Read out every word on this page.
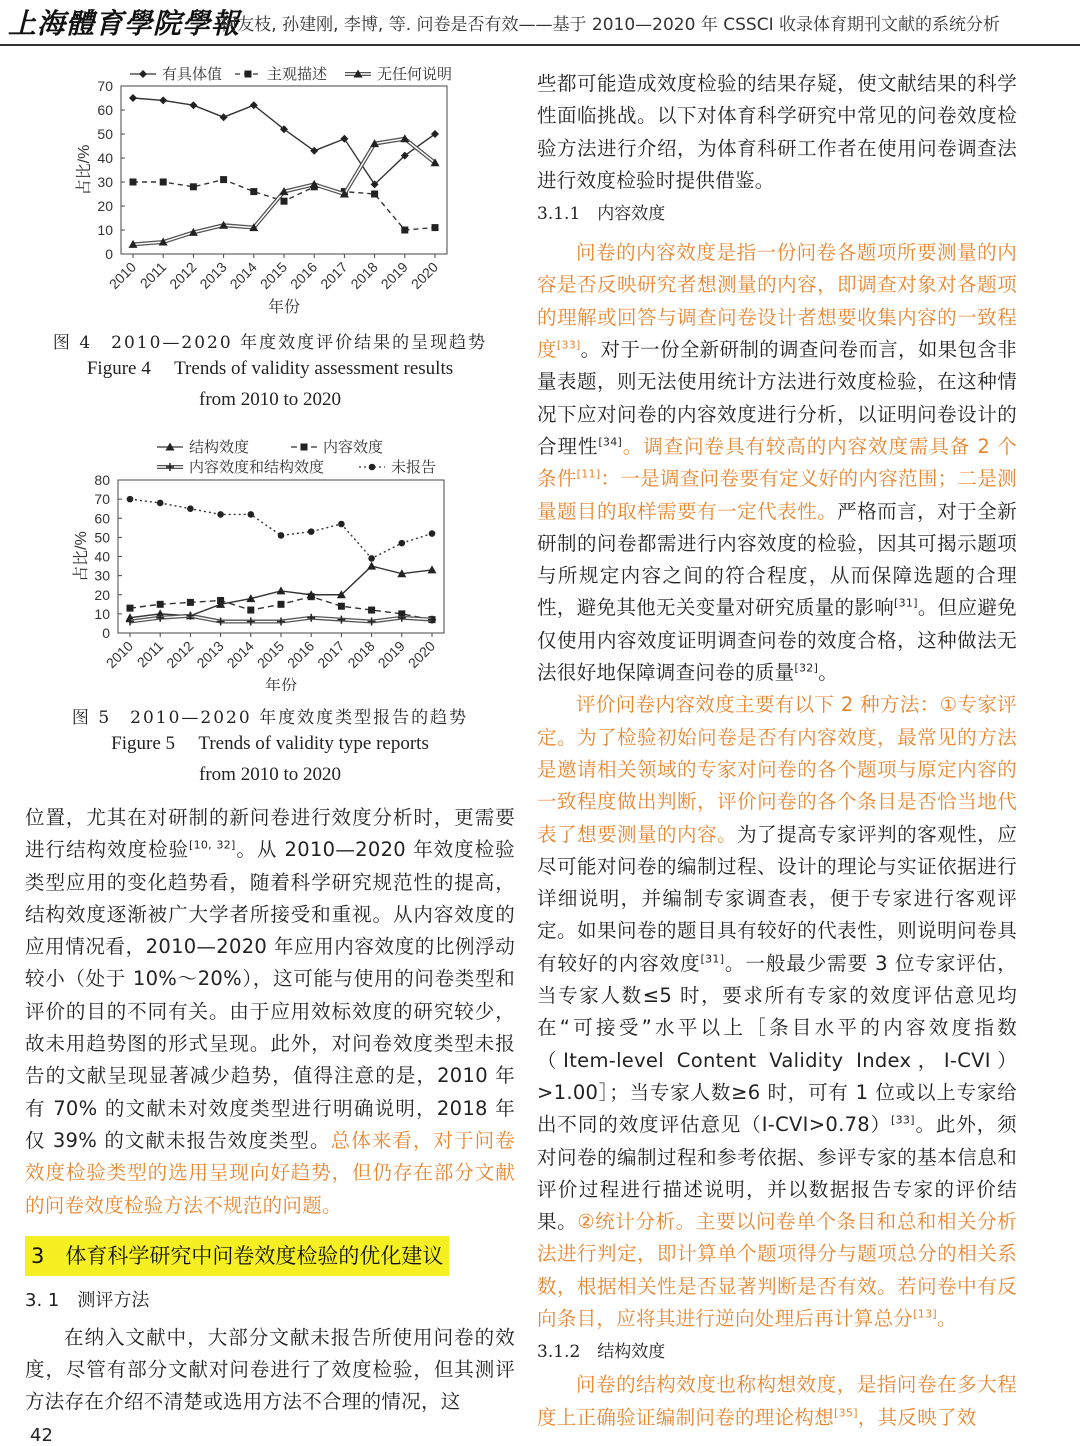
上海體育學院學報
柯友枝, 孙建刚, 李博, 等. 问卷是否有效——基于 2010—2020 年 CSSCI 收录体育期刊文献的系统分析
0
10
20
30
40
50
60
70
2010
2011
2012
2013
2014
2015
2016
2017
2018
2019
2020
年份
占比/%
有具体值	主观描述	无任何说明
图 4　2010—2020 年度效度评价结果的呈现趋势
Figure 4　 Trends of validity assessment results
from 2010 to 2020
0
10
20
30
40
50
60
70
80
2010
2011
2012
2013
2014
2015
2016
2017
2018
2019
2020
年份
占比/%
结构效度	内容效度
内容效度和结构效度	未报告
图 5　2010—2020 年度效度类型报告的趋势
Figure 5　 Trends of validity type reports
from 2010 to 2020

位置，尤其在对研制的新问卷进行效度分析时，更需要进行结构效度检验[10, 32]。从 2010—2020 年效度检验类型应用的变化趋势看，随着科学研究规范性的提高，结构效度逐渐被广大学者所接受和重视。从内容效度的应用情况看，2010—2020 年应用内容效度的比例浮动较小（处于 10%～20%），这可能与使用的问卷类型和评价的目的不同有关。由于应用效标效度的研究较少，故未用趋势图的形式呈现。此外，对问卷效度类型未报告的文献呈现显著减少趋势，值得注意的是，2010 年有 70% 的文献未对效度类型进行明确说明，2018 年仅 39% 的文献未报告效度类型。总体来看，对于问卷效度检验类型的选用呈现向好趋势，但仍存在部分文献的问卷效度检验方法不规范的问题。

3　体育科学研究中问卷效度检验的优化建议
3. 1　测评方法

在纳入文献中，大部分文献未报告所使用问卷的效度，尽管有部分文献对问卷进行了效度检验，但其测评方法存在介绍不清楚或选用方法不合理的情况，这

些都可能造成效度检验的结果存疑，使文献结果的科学性面临挑战。以下对体育科学研究中常见的问卷效度检验方法进行介绍，为体育科研工作者在使用问卷调查法进行效度检验时提供借鉴。

3.1.1　内容效度

问卷的内容效度是指一份问卷各题项所要测量的内容是否反映研究者想测量的内容，即调查对象对各题项的理解或回答与调查问卷设计者想要收集内容的一致程度[33]。对于一份全新研制的调查问卷而言，如果包含非量表题，则无法使用统计方法进行效度检验，在这种情况下应对问卷的内容效度进行分析，以证明问卷设计的合理性[34]。调查问卷具有较高的内容效度需具备 2 个条件[11]：一是调查问卷要有定义好的内容范围；二是测量题目的取样需要有一定代表性。严格而言，对于全新研制的问卷都需进行内容效度的检验，因其可揭示题项与所规定内容之间的符合程度，从而保障选题的合理性，避免其他无关变量对研究质量的影响[31]。但应避免仅使用内容效度证明调查问卷的效度合格，这种做法无法很好地保障调查问卷的质量[32]。

评价问卷内容效度主要有以下 2 种方法：①专家评定。为了检验初始问卷是否有内容效度，最常见的方法是邀请相关领域的专家对问卷的各个题项与原定内容的一致程度做出判断，评价问卷的各个条目是否恰当地代表了想要测量的内容。为了提高专家评判的客观性，应尽可能对问卷的编制过程、设计的理论与实证依据进行详细说明，并编制专家调查表，便于专家进行客观评定。如果问卷的题目具有较好的代表性，则说明问卷具有较好的内容效度[31]。一般最少需要 3 位专家评估，当专家人数≤5 时，要求所有专家的效度评估意见均在“可接受”水平以上［条目水平的内容效度指数（Item-level Content Validity Index，I-CVI）>1.00］；当专家人数≥6 时，可有 1 位或以上专家给出不同的效度评估意见（I-CVI>0.78）[33]。此外，须对问卷的编制过程和参考依据、参评专家的基本信息和评价过程进行描述说明，并以数据报告专家的评价结果。②统计分析。主要以问卷单个条目和总和相关分析法进行判定，即计算单个题项得分与题项总分的相关系数，根据相关性是否显著判断是否有效。若问卷中有反向条目，应将其进行逆向处理后再计算总分[13]。

3.1.2　结构效度

问卷的结构效度也称构想效度，是指问卷在多大程度上正确验证编制问卷的理论构想[35]，其反映了效

42
